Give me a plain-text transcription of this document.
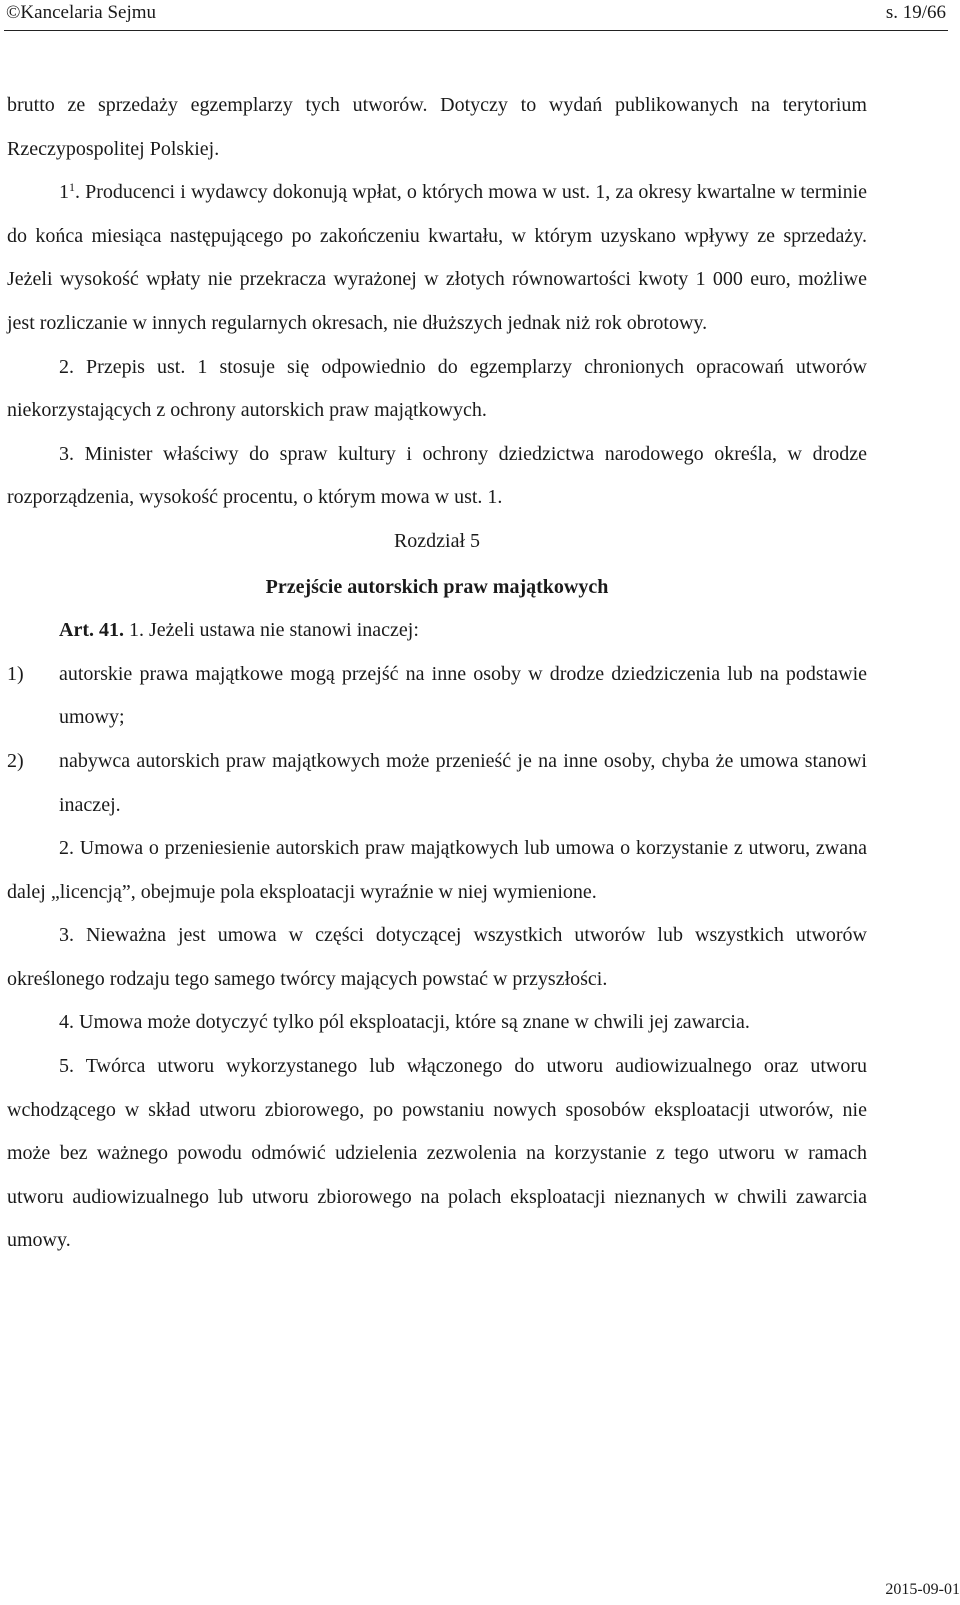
©Kancelaria Sejmu	s. 19/66

brutto ze sprzedaży egzemplarzy tych utworów. Dotyczy to wydań publikowanych na terytorium Rzeczypospolitej Polskiej.

$1^1$. Producenci i wydawcy dokonują wpłat, o których mowa w ust. 1, za okresy kwartalne w terminie do końca miesiąca następującego po zakończeniu kwartału, w którym uzyskano wpływy ze sprzedaży. Jeżeli wysokość wpłaty nie przekracza wyrażonej w złotych równowartości kwoty 1 000 euro, możliwe jest rozliczanie w innych regularnych okresach, nie dłuższych jednak niż rok obrotowy.

2. Przepis ust. 1 stosuje się odpowiednio do egzemplarzy chronionych opracowań utworów niekorzystających z ochrony autorskich praw majątkowych.

3. Minister właściwy do spraw kultury i ochrony dziedzictwa narodowego określa, w drodze rozporządzenia, wysokość procentu, o którym mowa w ust. 1.

Rozdział 5

Przejście autorskich praw majątkowych

Art. 41. 1. Jeżeli ustawa nie stanowi inaczej:

1)	autorskie prawa majątkowe mogą przejść na inne osoby w drodze dziedziczenia lub na podstawie umowy;
2)	nabywca autorskich praw majątkowych może przenieść je na inne osoby, chyba że umowa stanowi inaczej.

2. Umowa o przeniesienie autorskich praw majątkowych lub umowa o korzystanie z utworu, zwana dalej „licencją”, obejmuje pola eksploatacji wyraźnie w niej wymienione.

3. Nieważna jest umowa w części dotyczącej wszystkich utworów lub wszystkich utworów określonego rodzaju tego samego twórcy mających powstać w przyszłości.

4. Umowa może dotyczyć tylko pól eksploatacji, które są znane w chwili jej zawarcia.

5. Twórca utworu wykorzystanego lub włączonego do utworu audiowizualnego oraz utworu wchodzącego w skład utworu zbiorowego, po powstaniu nowych sposobów eksploatacji utworów, nie może bez ważnego powodu odmówić udzielenia zezwolenia na korzystanie z tego utworu w ramach utworu audiowizualnego lub utworu zbiorowego na polach eksploatacji nieznanych w chwili zawarcia umowy.

2015-09-01
